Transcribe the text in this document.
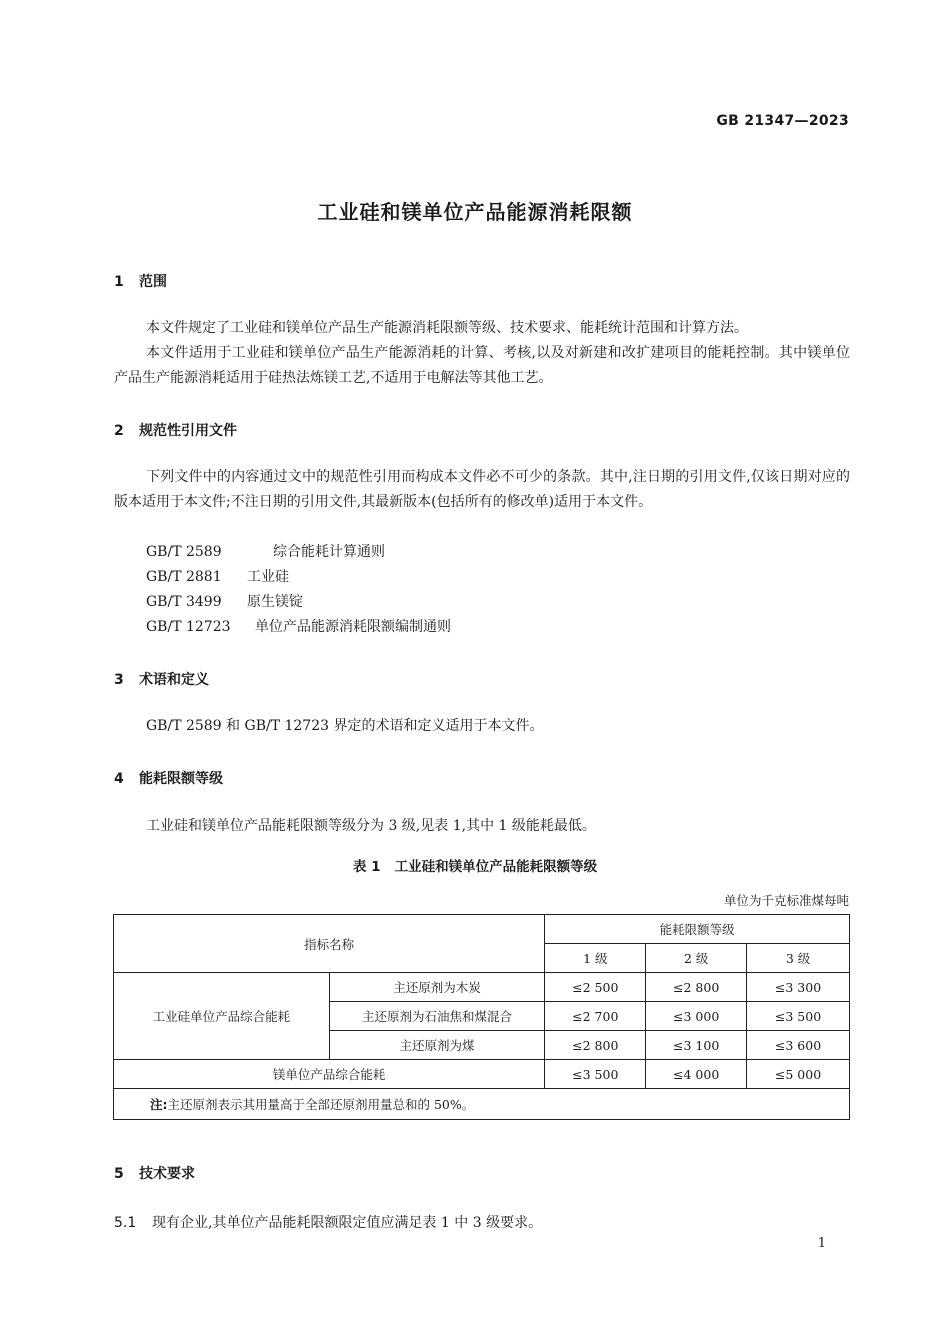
GB 21347—2023
工业硅和镁单位产品能源消耗限额
1 范围
本文件规定了工业硅和镁单位产品生产能源消耗限额等级、技术要求、能耗统计范围和计算方法。
本文件适用于工业硅和镁单位产品生产能源消耗的计算、考核,以及对新建和改扩建项目的能耗控制。其中镁单位产品生产能源消耗适用于硅热法炼镁工艺,不适用于电解法等其他工艺。
2 规范性引用文件
下列文件中的内容通过文中的规范性引用而构成本文件必不可少的条款。其中,注日期的引用文件,仅该日期对应的版本适用于本文件;不注日期的引用文件,其最新版本(包括所有的修改单)适用于本文件。
GB/T 2589	综合能耗计算通则
GB/T 2881 工业硅
GB/T 3499 原生镁锭
GB/T 12723 单位产品能源消耗限额编制通则
3 术语和定义
GB/T 2589 和 GB/T 12723 界定的术语和定义适用于本文件。
4 能耗限额等级
工业硅和镁单位产品能耗限额等级分为 3 级,见表 1,其中 1 级能耗最低。
表 1 工业硅和镁单位产品能耗限额等级
单位为千克标准煤每吨
指标名称		能耗限额等级		
		1 级	2 级	3 级
工业硅单位产品综合能耗	主还原剂为木炭	≤2 500	≤2 800	≤3 300
	主还原剂为石油焦和煤混合	≤2 700	≤3 000	≤3 500
	主还原剂为煤	≤2 800	≤3 100	≤3 600
镁单位产品综合能耗		≤3 500	≤4 000	≤5 000
注:主还原剂表示其用量高于全部还原剂用量总和的 50%。				
5 技术要求
5.1 现有企业,其单位产品能耗限额限定值应满足表 1 中 3 级要求。
1
